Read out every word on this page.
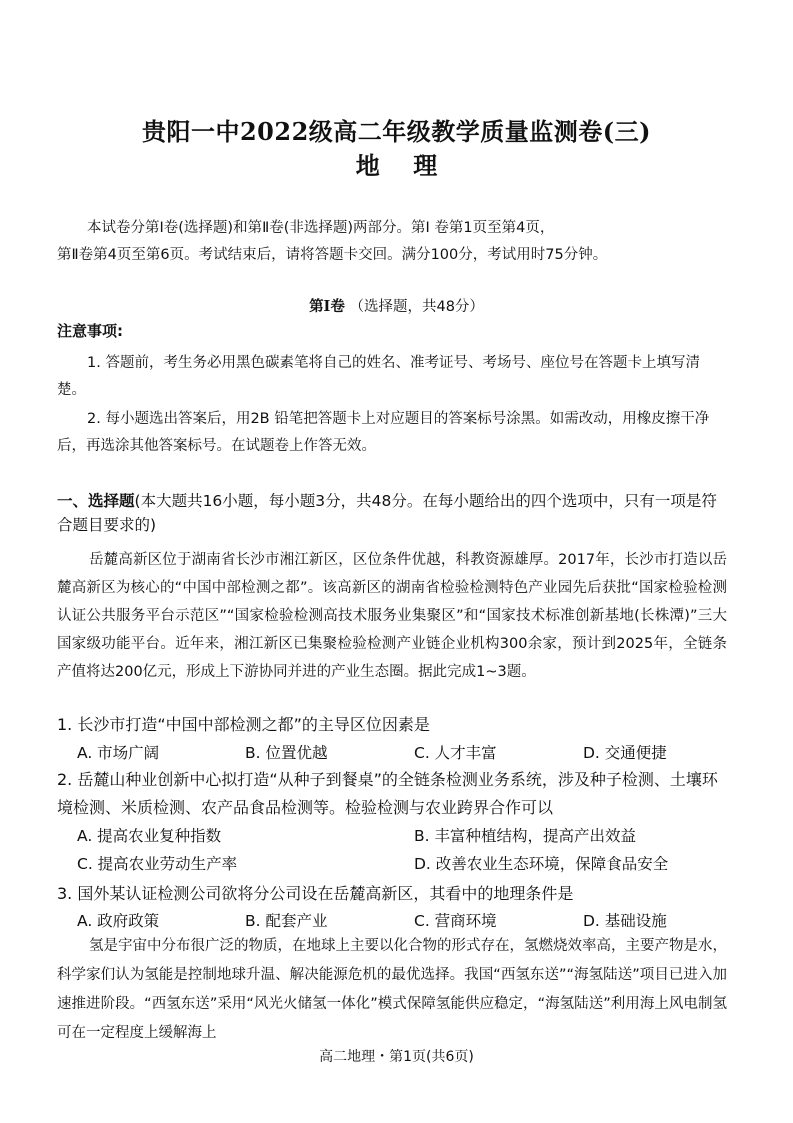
贵阳一中2022级高二年级教学质量监测卷(三)
地    理
本试卷分第Ⅰ卷(选择题)和第Ⅱ卷(非选择题)两部分。第Ⅰ 卷第1页至第4页，
第Ⅱ卷第4页至第6页。考试结束后，请将答题卡交回。满分100分，考试用时75分钟。
第Ⅰ卷 （选择题，共48分）
注意事项:
1. 答题前，考生务必用黑色碳素笔将自己的姓名、准考证号、考场号、座位号在答题卡上填写清楚。
2. 每小题选出答案后，用2B 铅笔把答题卡上对应题目的答案标号涂黑。如需改动，用橡皮擦干净后，再选涂其他答案标号。在试题卷上作答无效。
一、选择题(本大题共16小题，每小题3分，共48分。在每小题给出的四个选项中，只有一项是符合题目要求的)
岳麓高新区位于湖南省长沙市湘江新区，区位条件优越，科教资源雄厚。2017年，长沙市打造以岳麓高新区为核心的“中国中部检测之都”。该高新区的湖南省检验检测特色产业园先后获批“国家检验检测认证公共服务平台示范区”“国家检验检测高技术服务业集聚区”和“国家技术标准创新基地(长株潭)”三大国家级功能平台。近年来，湘江新区已集聚检验检测产业链企业机构300余家，预计到2025年，全链条产值将达200亿元，形成上下游协同并进的产业生态圈。据此完成1~3题。
1. 长沙市打造“中国中部检测之都”的主导区位因素是
A. 市场广阔	B. 位置优越	C. 人才丰富	D. 交通便捷
2. 岳麓山种业创新中心拟打造“从种子到餐桌”的全链条检测业务系统，涉及种子检测、土壤环境检测、米质检测、农产品食品检测等。检验检测与农业跨界合作可以
A. 提高农业复种指数	B. 丰富种植结构，提高产出效益
C. 提高农业劳动生产率	D. 改善农业生态环境，保障食品安全
3. 国外某认证检测公司欲将分公司设在岳麓高新区，其看中的地理条件是
A. 政府政策	B. 配套产业	C. 营商环境	D. 基础设施
氢是宇宙中分布很广泛的物质，在地球上主要以化合物的形式存在，氢燃烧效率高，主要产物是水，科学家们认为氢能是控制地球升温、解决能源危机的最优选择。我国“西氢东送”“海氢陆送”项目已进入加速推进阶段。“西氢东送”采用“风光火储氢一体化”模式保障氢能供应稳定，“海氢陆送”利用海上风电制氢可在一定程度上缓解海上
高二地理・第1页(共6页)
